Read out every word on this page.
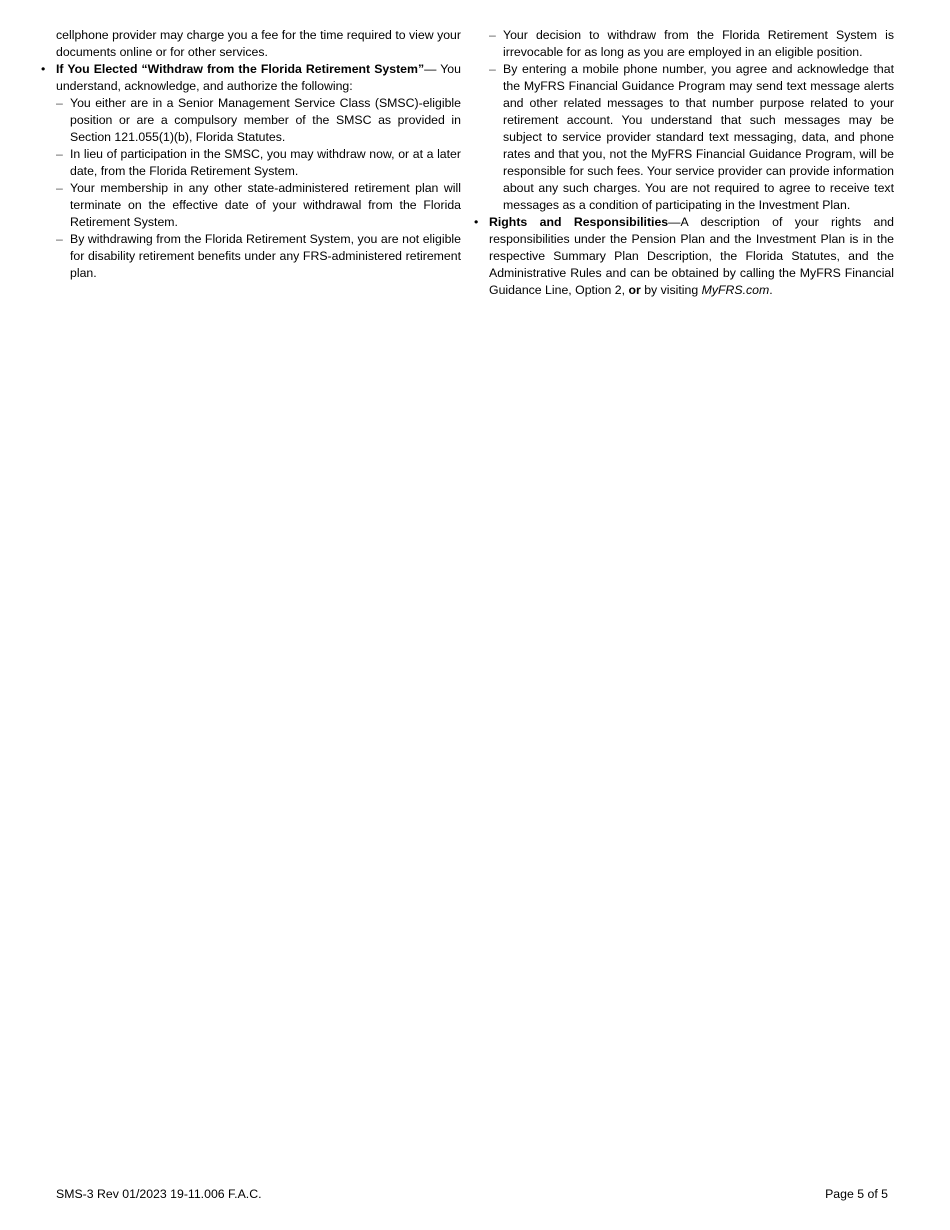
cellphone provider may charge you a fee for the time required to view your documents online or for other services.

• If You Elected “Withdraw from the Florida Retirement System”— You understand, acknowledge, and authorize the following:

– You either are in a Senior Management Service Class (SMSC)-eligible position or are a compulsory member of the SMSC as provided in Section 121.055(1)(b), Florida Statutes.

– In lieu of participation in the SMSC, you may withdraw now, or at a later date, from the Florida Retirement System.

– Your membership in any other state-administered retirement plan will terminate on the effective date of your withdrawal from the Florida Retirement System.

– By withdrawing from the Florida Retirement System, you are not eligible for disability retirement benefits under any FRS-administered retirement plan.

– Your decision to withdraw from the Florida Retirement System is irrevocable for as long as you are employed in an eligible position.

– By entering a mobile phone number, you agree and acknowledge that the MyFRS Financial Guidance Program may send text message alerts and other related messages to that number purpose related to your retirement account. You understand that such messages may be subject to service provider standard text messaging, data, and phone rates and that you, not the MyFRS Financial Guidance Program, will be responsible for such fees. Your service provider can provide information about any such charges. You are not required to agree to receive text messages as a condition of participating in the Investment Plan.

• Rights and Responsibilities—A description of your rights and responsibilities under the Pension Plan and the Investment Plan is in the respective Summary Plan Description, the Florida Statutes, and the Administrative Rules and can be obtained by calling the MyFRS Financial Guidance Line, Option 2, or by visiting MyFRS.com.

SMS-3 Rev 01/2023 19-11.006 F.A.C.	Page 5 of 5
